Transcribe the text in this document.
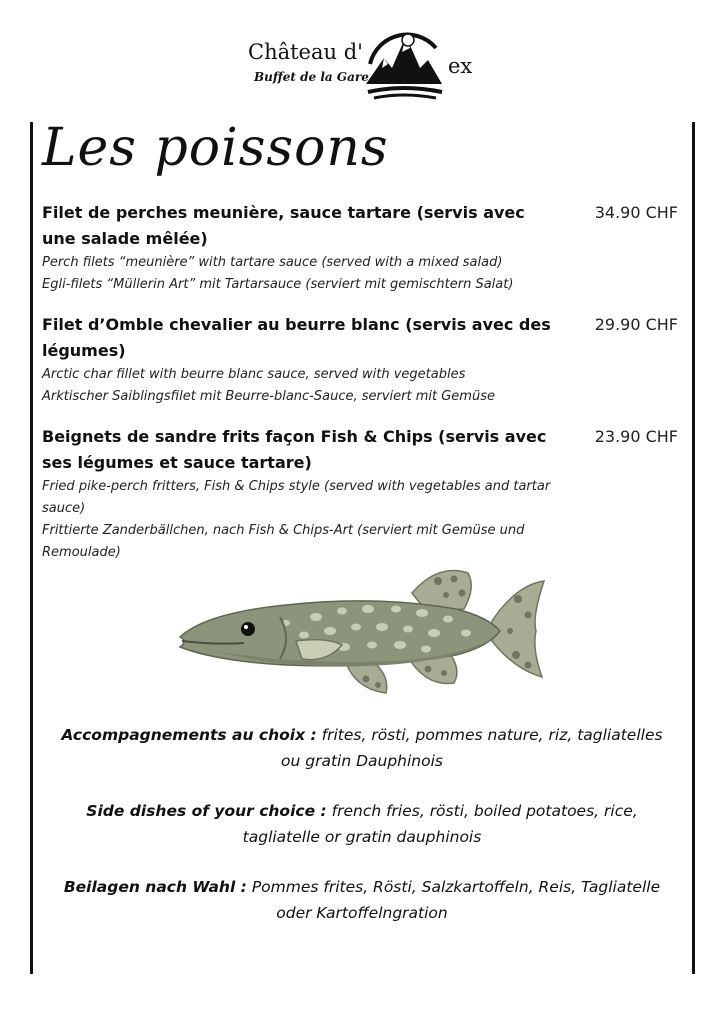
Château d'
Buffet de la Gare	ex
Les poissons
Filet de perches meunière, sauce tartare (servis avec une salade mêlée)
34.90 CHF
Perch filets “meunière” with tartare sauce (served with a mixed salad)
Egli-filets “Müllerin Art” mit Tartarsauce (serviert mit gemischtern Salat)
Filet d’Omble chevalier au beurre blanc (servis avec des légumes)
29.90 CHF
Arctic char fillet with beurre blanc sauce, served with vegetables
Arktischer Saiblingsfilet mit Beurre-blanc-Sauce, serviert mit Gemüse
Beignets de sandre frits façon Fish & Chips (servis avec ses légumes et sauce tartare)
23.90 CHF
Fried pike-perch fritters, Fish & Chips style (served with vegetables and tartar sauce)
Frittierte Zanderbällchen, nach Fish & Chips-Art (serviert mit Gemüse und Remoulade)
Accompagnements au choix : frites, rösti, pommes nature, riz, tagliatelles ou gratin Dauphinois
Side dishes of your choice : french fries, rösti, boiled potatoes, rice, tagliatelle or gratin dauphinois
Beilagen nach Wahl : Pommes frites, Rösti, Salzkartoffeln, Reis, Tagliatelle oder Kartoffelngration
